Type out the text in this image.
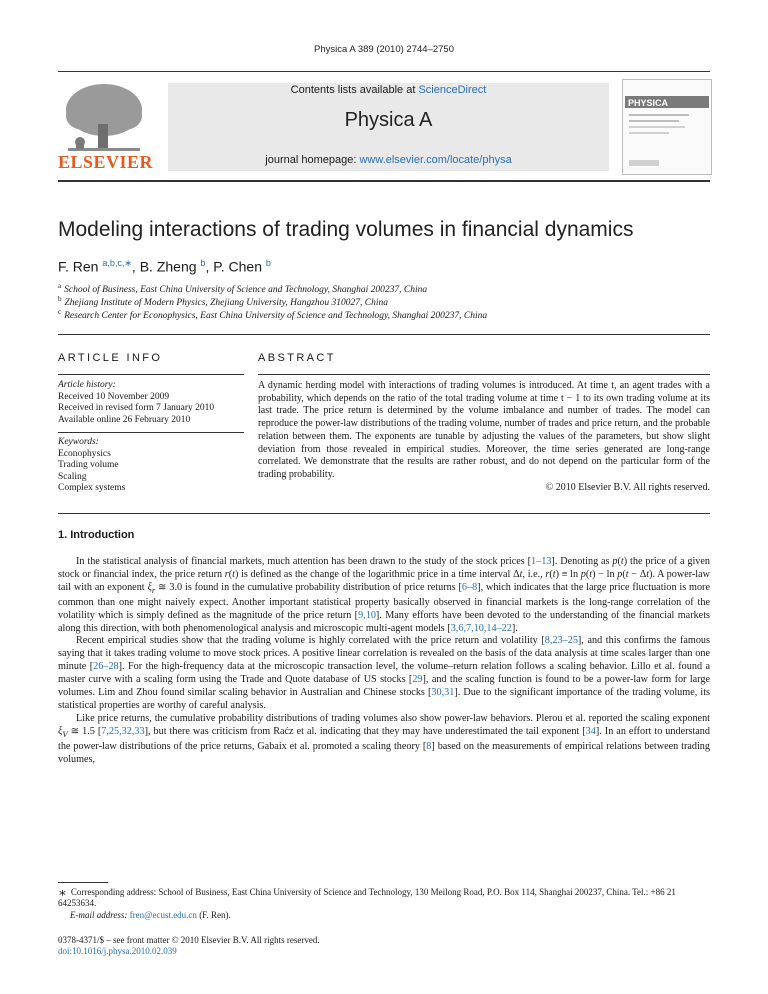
Physica A 389 (2010) 2744–2750
ELSEVIER
Contents lists available at ScienceDirect
Physica A
journal homepage: www.elsevier.com/locate/physa
PHYSICA
Modeling interactions of trading volumes in financial dynamics
F. Ren $^{a,b,c,∗}$, B. Zheng $^b$, P. Chen $^b$
$^a$ School of Business, East China University of Science and Technology, Shanghai 200237, China
$^b$ Zhejiang Institute of Modern Physics, Zhejiang University, Hangzhou 310027, China
$^c$ Research Center for Econophysics, East China University of Science and Technology, Shanghai 200237, China
ARTICLE INFO
Article history:
Received 10 November 2009
Received in revised form 7 January 2010
Available online 26 February 2010
Keywords:
Econophysics
Trading volume
Scaling
Complex systems
ABSTRACT
A dynamic herding model with interactions of trading volumes is introduced. At time t, an agent trades with a probability, which depends on the ratio of the total trading volume at time t − 1 to its own trading volume at its last trade. The price return is determined by the volume imbalance and number of trades. The model can reproduce the power-law distributions of the trading volume, number of trades and price return, and the probable relation between them. The exponents are tunable by adjusting the values of the parameters, but show slight deviation from those revealed in empirical studies. Moreover, the time series generated are long-range correlated. We demonstrate that the results are rather robust, and do not depend on the particular form of the trading probability.
© 2010 Elsevier B.V. All rights reserved.
1. Introduction

In the statistical analysis of financial markets, much attention has been drawn to the study of the stock prices [1–13]. Denoting as p(t) the price of a given stock or financial index, the price return r(t) is defined as the change of the logarithmic price in a time interval Δt, i.e., r(t) ≡ ln p(t) − ln p(t − Δt). A power-law tail with an exponent $\xi_r$ ≅ 3.0 is found in the cumulative probability distribution of price returns [6–8], which indicates that the large price fluctuation is more common than one might naively expect. Another important statistical property basically observed in financial markets is the long-range correlation of the volatility which is simply defined as the magnitude of the price return [9,10]. Many efforts have been devoted to the understanding of the financial markets along this direction, with both phenomenological analysis and microscopic multi-agent models [3,6,7,10,14–22].

Recent empirical studies show that the trading volume is highly correlated with the price return and volatility [8,23–25], and this confirms the famous saying that it takes trading volume to move stock prices. A positive linear correlation is revealed on the basis of the data analysis at time scales larger than one minute [26–28]. For the high-frequency data at the microscopic transaction level, the volume–return relation follows a scaling behavior. Lillo et al. found a master curve with a scaling form using the Trade and Quote database of US stocks [29], and the scaling function is found to be a power-law form for large volumes. Lim and Zhou found similar scaling behavior in Australian and Chinese stocks [30,31]. Due to the significant importance of the trading volume, its statistical properties are worthy of careful analysis.

Like price returns, the cumulative probability distributions of trading volumes also show power-law behaviors. Plerou et al. reported the scaling exponent $\xi_V$ ≅ 1.5 [7,25,32,33], but there was criticism from Raćz et al. indicating that they may have underestimated the tail exponent [34]. In an effort to understand the power-law distributions of the price returns, Gabaix et al. promoted a scaling theory [8] based on the measurements of empirical relations between trading volumes,

∗ Corresponding address: School of Business, East China University of Science and Technology, 130 Meilong Road, P.O. Box 114, Shanghai 200237, China. Tel.: +86 21 64253634.

E-mail address: fren@ecust.edu.cn (F. Ren).

0378-4371/$ – see front matter © 2010 Elsevier B.V. All rights reserved.

doi:10.1016/j.physa.2010.02.039
